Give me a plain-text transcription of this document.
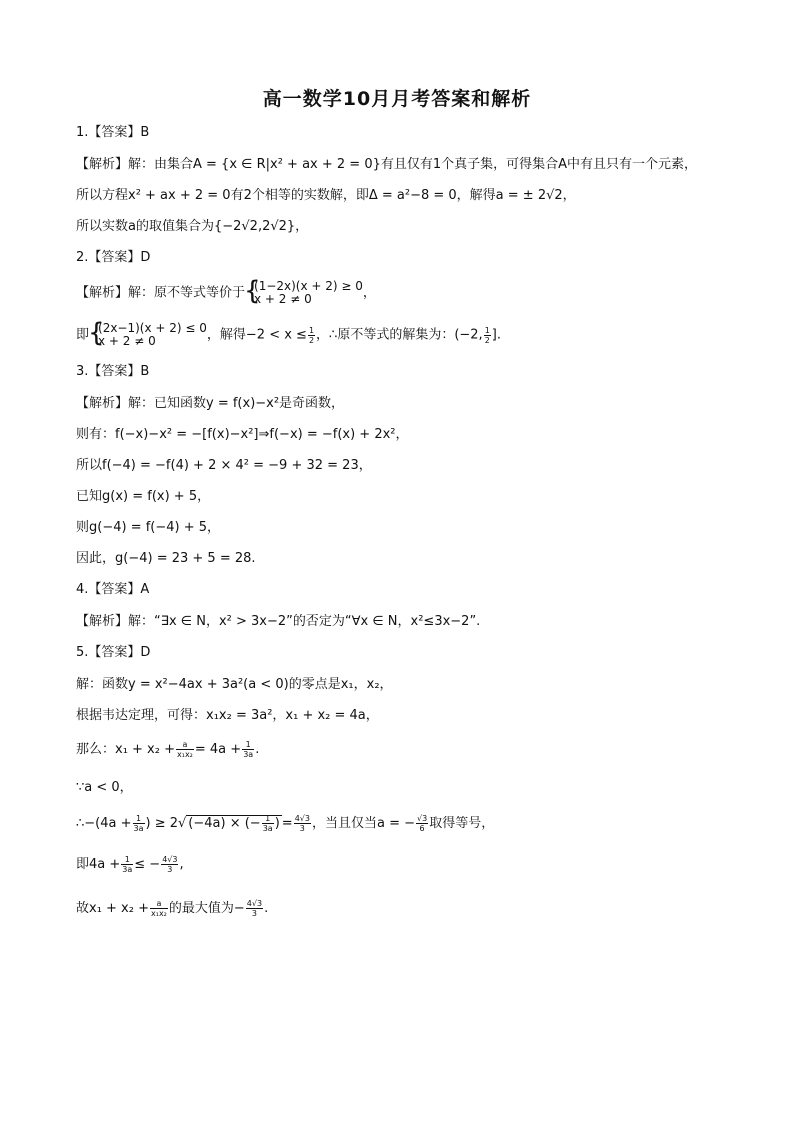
高一数学10月月考答案和解析
1.【答案】B
【解析】解：由集合A = {x ∈ R|x² + ax + 2 = 0}有且仅有1个真子集，可得集合A中有且只有一个元素，
所以方程x² + ax + 2 = 0有2个相等的实数解，即Δ = a²−8 = 0，解得a = ± 2√2，
所以实数a的取值集合为{−2√2,2√2}，
2.【答案】D
【解析】解：原不等式等价于 { (1−2x)(x + 2) ≥ 0
x + 2 ≠ 0	，
即 { (2x−1)(x + 2) ≤ 0
x + 2 ≠ 0	，解得$-2 < x \le \frac{1}{2}$ ，∴原不等式的解集为：(−2, $\frac{1}{2}$ ].
3.【答案】B
【解析】解：已知函数y = f(x)−x²是奇函数，
则有：f(−x)−x² = −[f(x)−x²]⇒f(−x) = −f(x) + 2x²，
所以f(−4) = −f(4) + 2 × 4² = −9 + 32 = 23，
已知g(x) = f(x) + 5，
则g(−4) = f(−4) + 5，
因此，g(−4) = 23 + 5 = 28.
4.【答案】A
【解析】解：“∃x ∈ N，x² > 3x−2”的否定为“∀x ∈ N，x²≤3x−2”.
5.【答案】D
解：函数y = x²−4ax + 3a²(a < 0)的零点是x₁，x₂，
根据韦达定理，可得：x₁x₂ = 3a²，x₁ + x₂ = 4a，
那么：$x_1 + x_2 + \frac{a}{\text{x₁x₂}} = 4a + \frac{1}{3a}$ .
∵a < 0，
∴−(4a + $\frac{1}{3a}$ ) ≥ 2√ (−4a) × (− $\frac{1}{3a}$ ) = $\frac{4√3}{3}$ ，当且仅当a = − $\frac{√3}{6}$ 取得等号，
即$4a + \frac{1}{3a}$ ≤ − $\frac{4√3}{3}$ ,
故$x_1 + x_2 + \frac{a}{\text{x₁x₂}}$ 的最大值为− $\frac{4√3}{3}$ .
